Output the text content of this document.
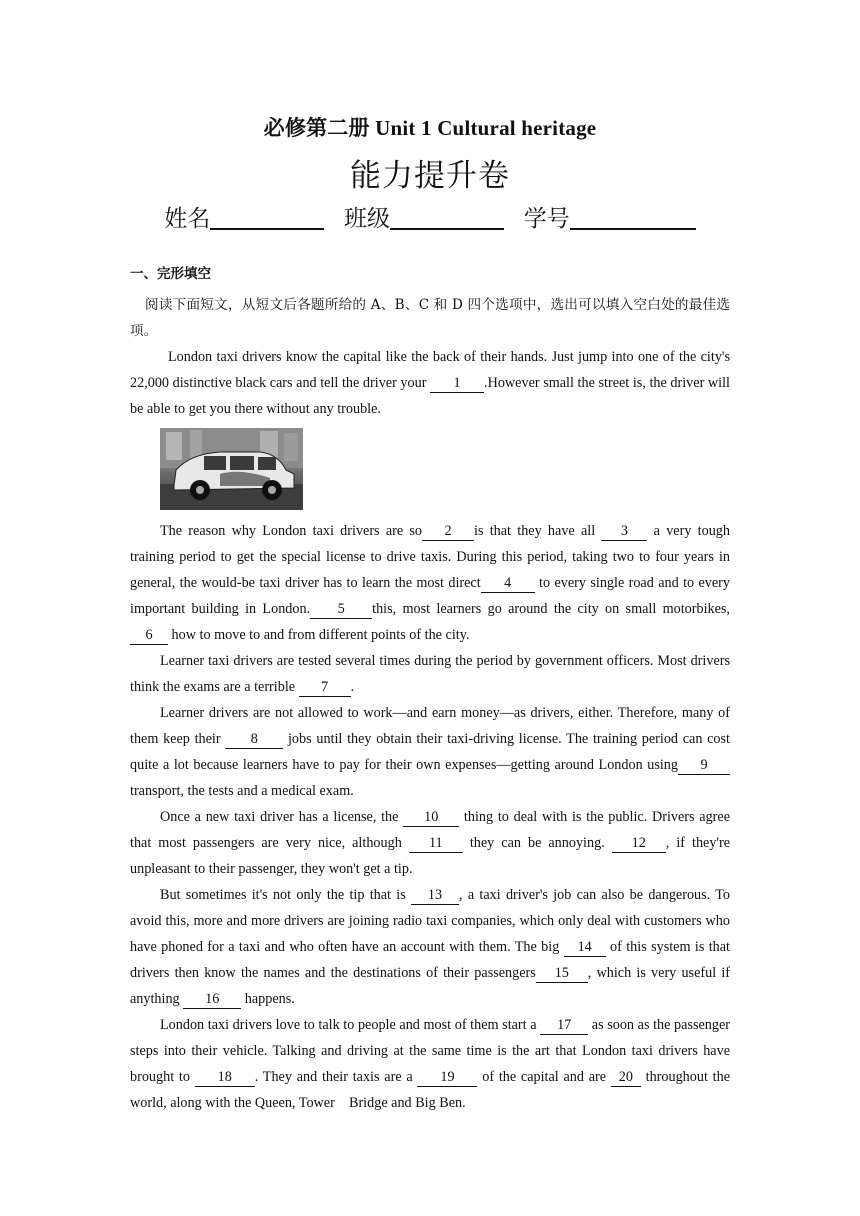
必修第二册 Unit 1 Cultural heritage
能力提升卷
姓名	班级	学号
一、完形填空

阅读下面短文，从短文后各题所给的 A、B、C 和 D 四个选项中，选出可以填入空白处的最佳选项。

London taxi drivers know the capital like the back of their hands. Just jump into one of the city's 22,000 distinctive black cars and tell the driver your 1 .However small the street is, the driver will be able to get you there without any trouble.

The reason why London taxi drivers are so 2 is that they have all 3 a very tough training period to get the special license to drive taxis. During this period, taking two to four years in general, the would-be taxi driver has to learn the most direct 4 to every single road and to every important building in London. 5 this, most learners go around the city on small motorbikes, 6 how to move to and from different points of the city.

Learner taxi drivers are tested several times during the period by government officers. Most drivers think the exams are a terrible 7 .

Learner drivers are not allowed to work—and earn money—as drivers, either. Therefore, many of them keep their 8 jobs until they obtain their taxi-driving license. The training period can cost quite a lot because learners have to pay for their own expenses—getting around London using 9 transport, the tests and a medical exam.

Once a new taxi driver has a license, the 10 thing to deal with is the public. Drivers agree that most passengers are very nice, although 11 they can be annoying. 12 , if they're unpleasant to their passenger, they won't get a tip.

But sometimes it's not only the tip that is 13 , a taxi driver's job can also be dangerous. To avoid this, more and more drivers are joining radio taxi companies, which only deal with customers who have phoned for a taxi and who often have an account with them. The big 14 of this system is that drivers then know the names and the destinations of their passengers 15 , which is very useful if anything 16 happens.

London taxi drivers love to talk to people and most of them start a 17 as soon as the passenger steps into their vehicle. Talking and driving at the same time is the art that London taxi drivers have brought to 18 . They and their taxis are a 19 of the capital and are 20 throughout the world, along with the Queen, Tower　Bridge and Big Ben.
